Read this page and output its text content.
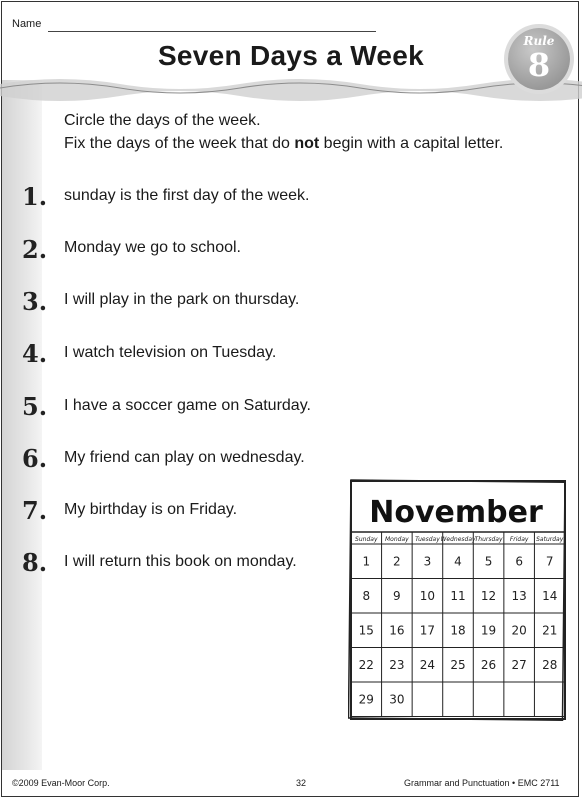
Name
Seven Days a Week	Rule
8
Circle the days of the week.
Fix the days of the week that do not begin with a capital letter.
1.	sunday is the first day of the week.
2.	Monday we go to school.
3.	I will play in the park on thursday.
4.	I watch television on Tuesday.
5.	I have a soccer game on Saturday.
6.	My friend can play on wednesday.
7.	My birthday is on Friday.
8.	I will return this book on monday.
November
Sunday Monday Tuesday Wednesday Thursday Friday Saturday
1 2 3 4 5 6 7
8 9 10 11 12 13 14
15 16 17 18 19 20 21
22 23 24 25 26 27 28
29 30
©2009 Evan-Moor Corp.	32	Grammar and Punctuation • EMC 2711
